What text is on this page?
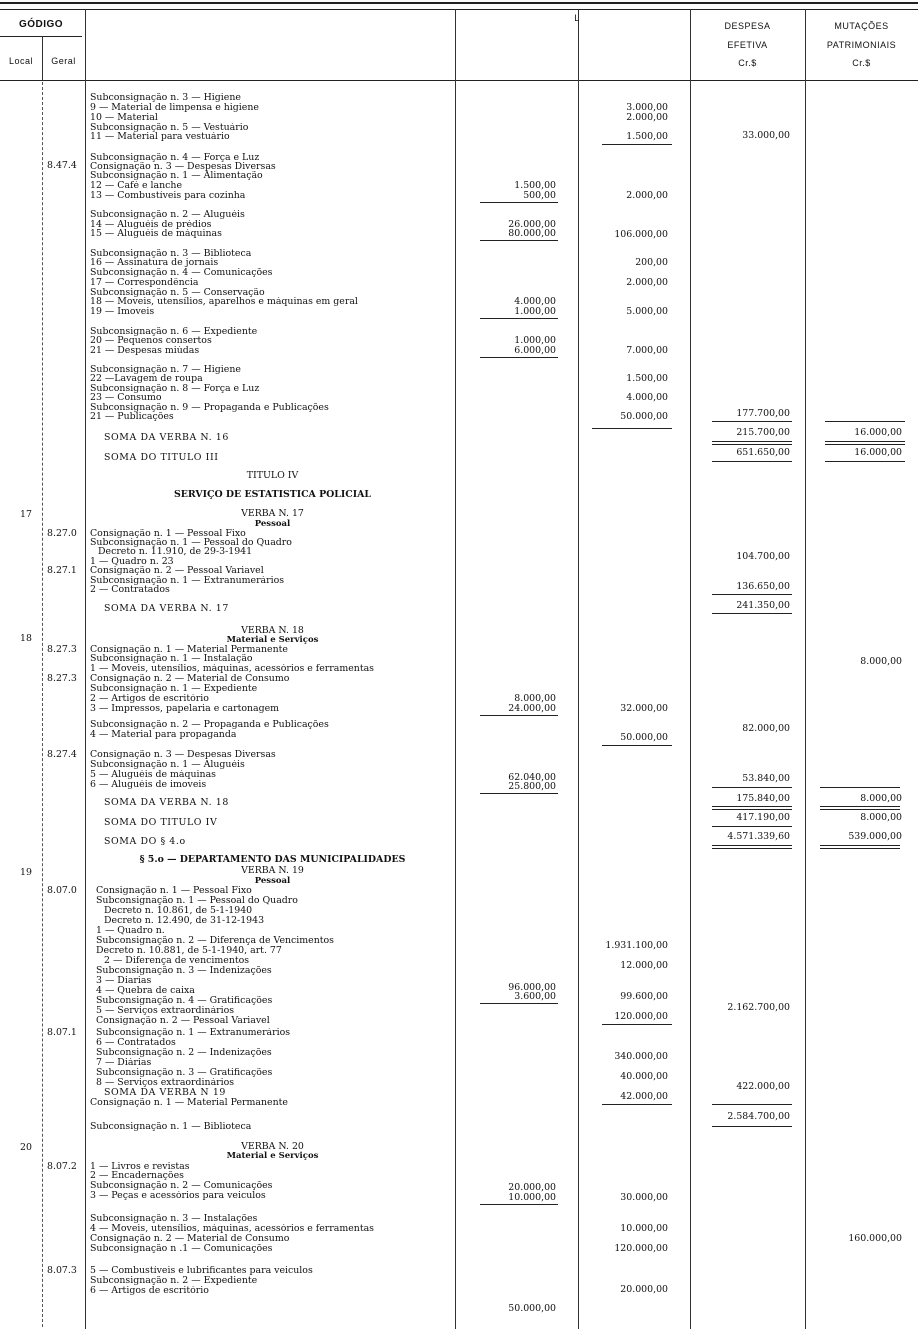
GÓDIGO
Local	Geral
L
DESPESA
EFETIVA
Cr.$
MUTAÇÕES
PATRIMONIAIS
Cr.$
TITULO IV
SERVIÇO DE ESTATISTICA POLICIAL
VERBA N. 17
Pessoal
VERBA N. 18
Material e Serviços
§ 5.o — DEPARTAMENTO DAS MUNICIPALIDADES
VERBA N. 19
Pessoal
VERBA N. 20
Material e Serviços
17
18
19
20
8.47.4
8.27.0
8.27.1
8.27.3
8.27.3
8.27.4
8.07.0
8.07.1
8.07.2
8.07.3
Subconsignação n. 3 — Higiene
9 — Material de limpensa e higiene
10 — Material
Subconsignação n. 5 — Vestuário
11 — Material para vestuário
Subconsignação n. 4 — Força e Luz
Consignação n. 3 — Despesas Diversas
Subconsignação n. 1 — Alimentação
12 — Café e lanche
13 — Combustíveis para cozinha
Subconsignação n. 2 — Aluguéis
14 — Aluguéis de prédios
15 — Aluguéis de máquinas
Subconsignação n. 3 — Biblioteca
16 — Assinatura de jornais
Subconsignação n. 4 — Comunicações
17 — Correspondência
Subconsignação n. 5 — Conservação
18 — Moveis, utensílios, aparelhos e máquinas em geral
19 — Imoveis
Subconsignação n. 6 — Expediente
20 — Pequenos consertos
21 — Despesas miúdas
Subconsignação n. 7 — Higiene
22 —Lavagem de roupa
Subconsignação n. 8 — Força e Luz
23 — Consumo
Subconsignação n. 9 — Propaganda e Publicações
21 — Publicações
SOMA DA VERBA N. 16
SOMA DO TITULO III
Consignação n. 1 — Pessoal Fixo
Subconsignação n. 1 — Pessoal do Quadro
Decreto n. 11.910, de 29-3-1941
1 — Quadro n. 23
Consignação n. 2 — Pessoal Variavel
Subconsignação n. 1 — Extranumerários
2 — Contratados
SOMA DA VERBA N. 17
Consignação n. 1 — Material Permanente
Subconsignação n. 1 — Instalação
1 — Moveis, utensílios, máquinas, acessórios e ferramentas
Consignação n. 2 — Material de Consumo
Subconsignação n. 1 — Expediente
2 — Artigos de escritório
3 — Impressos, papelaria e cartonagem
Subconsignação n. 2 — Propaganda e Publicações
4 — Material para propaganda
Consignação n. 3 — Despesas Diversas
Subconsignação n. 1 — Aluguéis
5 — Aluguéis de máquinas
6 — Aluguéis de imoveis
SOMA DA VERBA N. 18
SOMA DO TITULO IV
SOMA DO § 4.o
Consignação n. 1 — Pessoal Fixo
Subconsignação n. 1 — Pessoal do Quadro
Decreto n. 10.861, de 5-1-1940
Decreto n. 12.490, de 31-12-1943
1 — Quadro n.
Subconsignação n. 2 — Diferença de Vencimentos
Decreto n. 10.881, de 5-1-1940, art. 77
2 — Diferença de vencimentos
Subconsignação n. 3 — Indenizações
3 — Diarias
4 — Quebra de caixa
Subconsignação n. 4 — Gratificações
5 — Serviços extraordinários
Consignação n. 2 — Pessoal Variavel
Subconsignação n. 1 — Extranumerários
6 — Contratados
Subconsignação n. 2 — Indenizações
7 — Diárias
Subconsignação n. 3 — Gratificações
8 — Serviços extraordinários
SOMA DA VERBA N 19
Consignação n. 1 — Material Permanente
Subconsignação n. 1 — Biblioteca
1 — Livros e revistas
2 — Encadernações
Subconsignação n. 2 — Comunicações
3 — Peças e acessórios para veiculos
Subconsignação n. 3 — Instalações
4 — Moveis, utensílios, máquinas, acessórios e ferramentas
Consignação n. 2 — Material de Consumo
Subconsignação n .1 — Comunicações
5 — Combustíveis e lubrificantes para veiculos
Subconsignação n. 2 — Expediente
6 — Artigos de escritório
1.500,00
500,00
26.000,00
80.000,00
4.000,00
1.000,00
1.000,00
6.000,00
8.000,00
24.000,00
62.040,00
25.800,00
96.000,00
3.600,00
20.000,00
10.000,00
50.000,00
3.000,00
2.000,00
1.500,00
2.000,00
106.000,00
200,00
2.000,00
5.000,00
7.000,00
1.500,00
4.000,00
50.000,00
32.000,00
50.000,00
1.931.100,00
12.000,00
99.600,00
120.000,00
340.000,00
40.000,00
42.000,00
30.000,00
10.000,00
120.000,00
20.000,00
33.000,00
177.700,00
215.700,00
651.650,00
104.700,00
136.650,00
241.350,00
82.000,00
53.840,00
175.840,00
417.190,00
4.571.339,60
2.162.700,00
422.000,00
2.584.700,00
16.000,00
16.000,00
8.000,00
8.000,00
8.000,00
539.000,00
160.000,00
